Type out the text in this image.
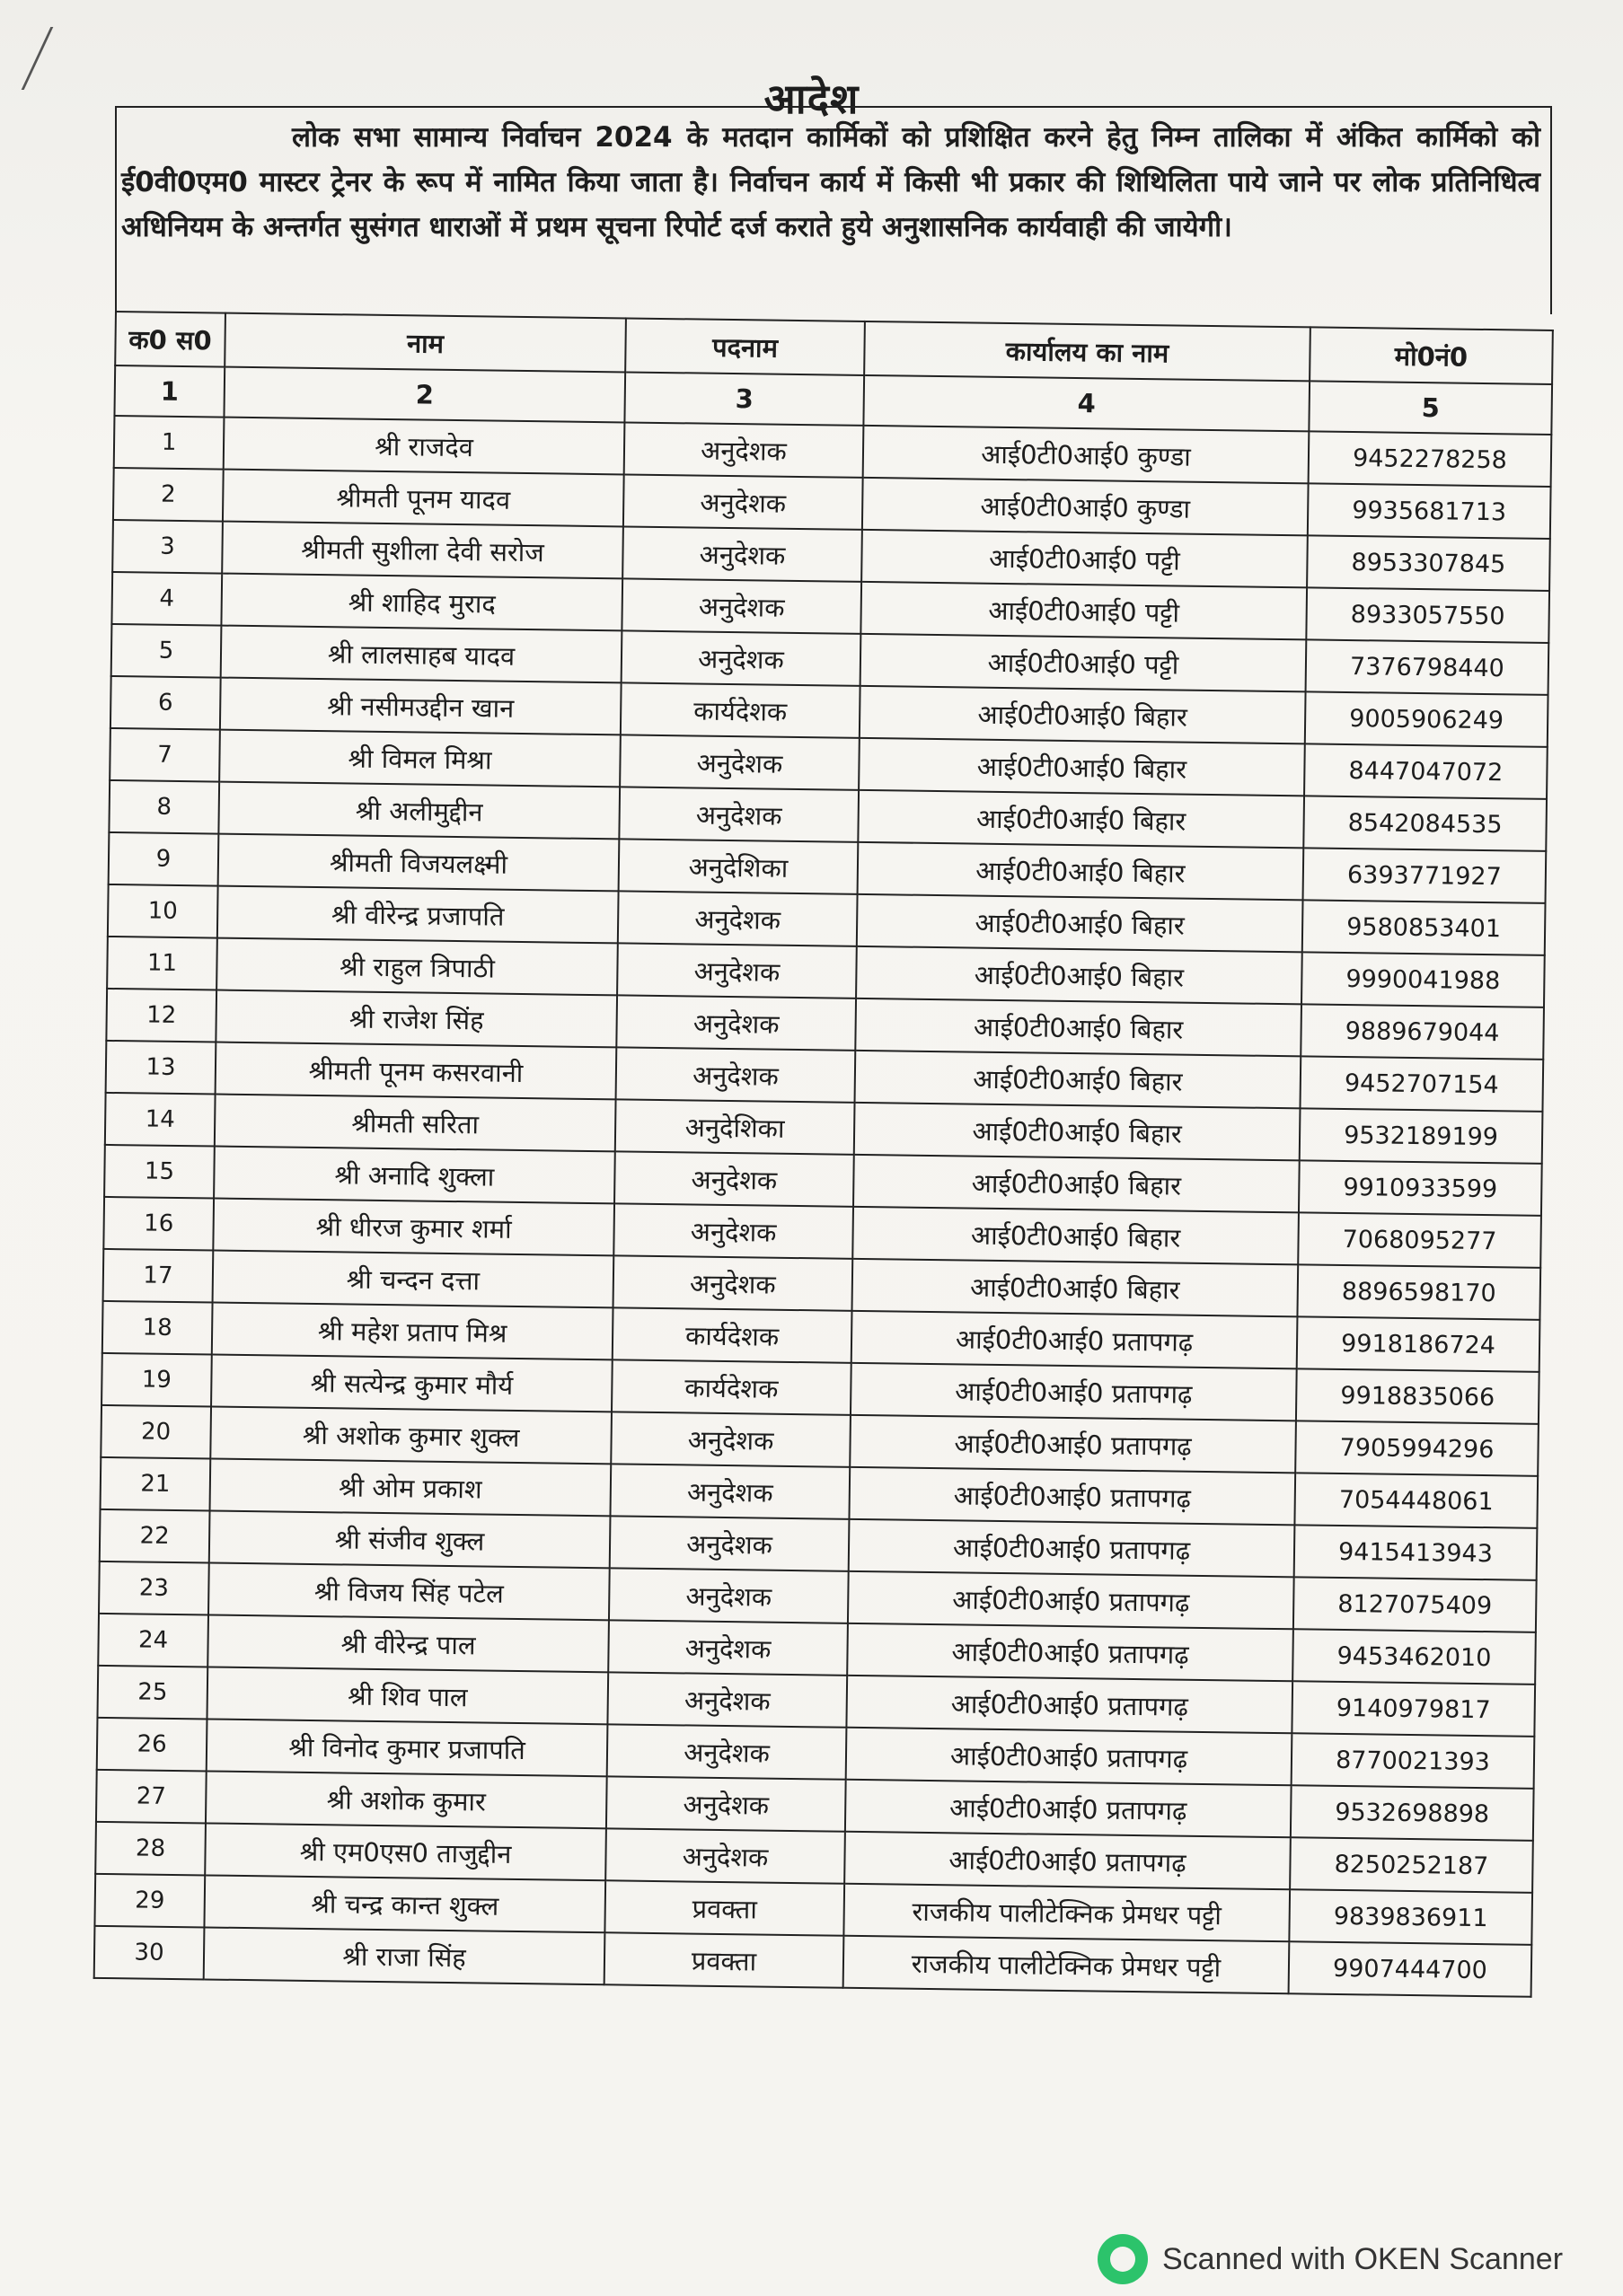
आदेश
लोक सभा सामान्य निर्वाचन 2024 के मतदान कार्मिकों को प्रशिक्षित करने हेतु निम्न तालिका में अंकित कार्मिको को ई0वी0एम0 मास्टर ट्रेनर के रूप में नामित किया जाता है। निर्वाचन कार्य में किसी भी प्रकार की शिथिलिता पाये जाने पर लोक प्रतिनिधित्व अधिनियम के अन्तर्गत सुसंगत धाराओं में प्रथम सूचना रिपोर्ट दर्ज कराते हुये अनुशासनिक कार्यवाही की जायेगी।
क0 स0	नाम	पदनाम	कार्यालय का नाम	मो0नं0
1	2	3	4	5
1	श्री राजदेव	अनुदेशक	आई0टी0आई0 कुण्डा	9452278258
2	श्रीमती पूनम यादव	अनुदेशक	आई0टी0आई0 कुण्डा	9935681713
3	श्रीमती सुशीला देवी सरोज	अनुदेशक	आई0टी0आई0 पट्टी	8953307845
4	श्री शाहिद मुराद	अनुदेशक	आई0टी0आई0 पट्टी	8933057550
5	श्री लालसाहब यादव	अनुदेशक	आई0टी0आई0 पट्टी	7376798440
6	श्री नसीमउद्दीन खान	कार्यदेशक	आई0टी0आई0 बिहार	9005906249
7	श्री विमल मिश्रा	अनुदेशक	आई0टी0आई0 बिहार	8447047072
8	श्री अलीमुद्दीन	अनुदेशक	आई0टी0आई0 बिहार	8542084535
9	श्रीमती विजयलक्ष्मी	अनुदेशिका	आई0टी0आई0 बिहार	6393771927
10	श्री वीरेन्द्र प्रजापति	अनुदेशक	आई0टी0आई0 बिहार	9580853401
11	श्री राहुल त्रिपाठी	अनुदेशक	आई0टी0आई0 बिहार	9990041988
12	श्री राजेश सिंह	अनुदेशक	आई0टी0आई0 बिहार	9889679044
13	श्रीमती पूनम कसरवानी	अनुदेशक	आई0टी0आई0 बिहार	9452707154
14	श्रीमती सरिता	अनुदेशिका	आई0टी0आई0 बिहार	9532189199
15	श्री अनादि शुक्ला	अनुदेशक	आई0टी0आई0 बिहार	9910933599
16	श्री धीरज कुमार शर्मा	अनुदेशक	आई0टी0आई0 बिहार	7068095277
17	श्री चन्दन दत्ता	अनुदेशक	आई0टी0आई0 बिहार	8896598170
18	श्री महेश प्रताप मिश्र	कार्यदेशक	आई0टी0आई0 प्रतापगढ़	9918186724
19	श्री सत्येन्द्र कुमार मौर्य	कार्यदेशक	आई0टी0आई0 प्रतापगढ़	9918835066
20	श्री अशोक कुमार शुक्ल	अनुदेशक	आई0टी0आई0 प्रतापगढ़	7905994296
21	श्री ओम प्रकाश	अनुदेशक	आई0टी0आई0 प्रतापगढ़	7054448061
22	श्री संजीव शुक्ल	अनुदेशक	आई0टी0आई0 प्रतापगढ़	9415413943
23	श्री विजय सिंह पटेल	अनुदेशक	आई0टी0आई0 प्रतापगढ़	8127075409
24	श्री वीरेन्द्र पाल	अनुदेशक	आई0टी0आई0 प्रतापगढ़	9453462010
25	श्री शिव पाल	अनुदेशक	आई0टी0आई0 प्रतापगढ़	9140979817
26	श्री विनोद कुमार प्रजापति	अनुदेशक	आई0टी0आई0 प्रतापगढ़	8770021393
27	श्री अशोक कुमार	अनुदेशक	आई0टी0आई0 प्रतापगढ़	9532698898
28	श्री एम0एस0 ताजुद्दीन	अनुदेशक	आई0टी0आई0 प्रतापगढ़	8250252187
29	श्री चन्द्र कान्त शुक्ल	प्रवक्ता	राजकीय पालीटेक्निक प्रेमधर पट्टी	9839836911
30	श्री राजा सिंह	प्रवक्ता	राजकीय पालीटेक्निक प्रेमधर पट्टी	9907444700
Scanned with OKEN Scanner
